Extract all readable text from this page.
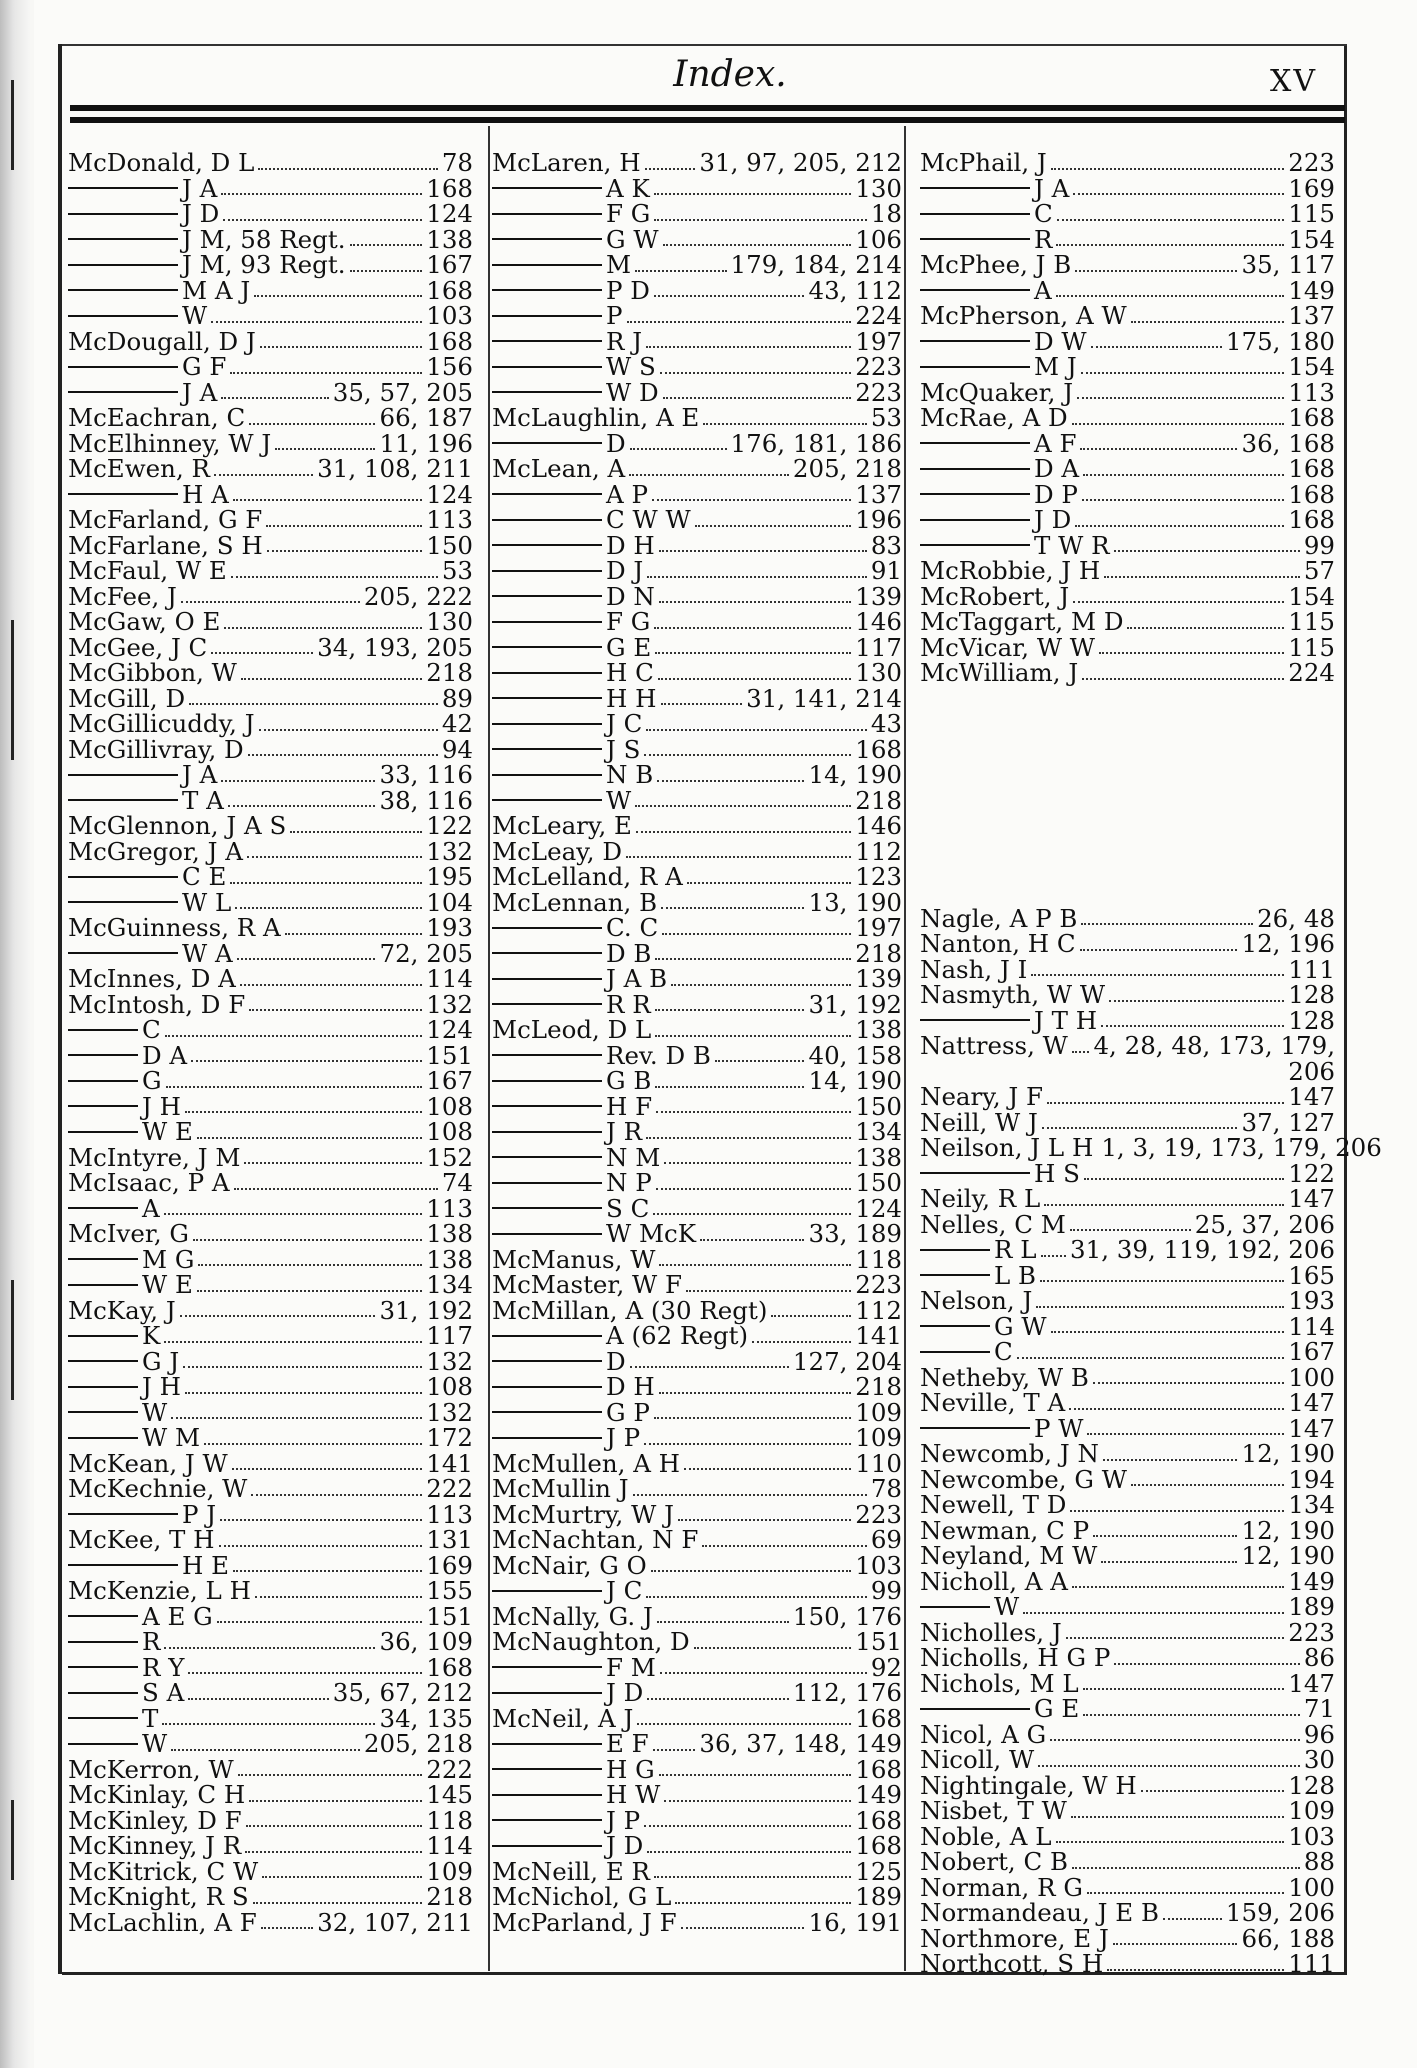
Index.	XV
McDonald, D L	78
J A	168
J D	124
J M, 58 Regt.	138
J M, 93 Regt.	167
M A J	168
W	103
McDougall, D J	168
G F	156
J A	35, 57, 205
McEachran, C	66, 187
McElhinney, W J	11, 196
McEwen, R	31, 108, 211
H A	124
McFarland, G F	113
McFarlane, S H	150
McFaul, W E	53
McFee, J	205, 222
McGaw, O E	130
McGee, J C	34, 193, 205
McGibbon, W	218
McGill, D	89
McGillicuddy, J	42
McGillivray, D	94
J A	33, 116
T A	38, 116
McGlennon, J A S	122
McGregor, J A	132
C E	195
W L	104
McGuinness, R A	193
W A	72, 205
McInnes, D A	114
McIntosh, D F	132
C	124
D A	151
G	167
J H	108
W E	108
McIntyre, J M	152
McIsaac, P A	74
A	113
McIver, G	138
M G	138
W E	134
McKay, J	31, 192
K	117
G J	132
J H	108
W	132
W M	172
McKean, J W	141
McKechnie, W	222
P J	113
McKee, T H	131
H E	169
McKenzie, L H	155
A E G	151
R	36, 109
R Y	168
S A	35, 67, 212
T	34, 135
W	205, 218
McKerron, W	222
McKinlay, C H	145
McKinley, D F	118
McKinney, J R	114
McKitrick, C W	109
McKnight, R S	218
McLachlin, A F 32, 107, 211
McLaren, H 31, 97, 205, 212
A K	130
F G	18
G W	106
M	179, 184, 214
P D	43, 112
P	224
R J	197
W S	223
W D	223
McLaughlin, A E	53
D	176, 181, 186
McLean, A	205, 218
A P	137
C W W	196
D H	83
D J	91
D N	139
F G	146
G E	117
H C	130
H H	31, 141, 214
J C	43
J S	168
N B	14, 190
W	218
McLeary, E	146
McLeay, D	112
McLelland, R A	123
McLennan, B	13, 190
C. C	197
D B	218
J A B	139
R R	31, 192
McLeod, D L	138
Rev. D B	40, 158
G B	14, 190
H F	150
J R	134
N M	138
N P	150
S C	124
W McK	33, 189
McManus, W	118
McMaster, W F	223
McMillan, A (30 Regt)	112
A (62 Regt)	141
D	127, 204
D H	218
G P	109
J P	109
McMullen, A H	110
McMullin J	78
McMurtry, W J	223
McNachtan, N F	69
McNair, G O	103
J C	99
McNally, G. J	150, 176
McNaughton, D	151
F M	92
J D	112, 176
McNeil, A J	168
E F 36, 37, 148, 149
H G	168
H W	149
J P	168
J D	168
McNeill, E R	125
McNichol, G L	189
McParland, J F	16, 191
McPhail, J	223
J A	169
C	115
R	154
McPhee, J B	35, 117
A	149
McPherson, A W	137
D W	175, 180
M J	154
McQuaker, J	113
McRae, A D	168
A F	36, 168
D A	168
D P	168
J D	168
T W R	99
McRobbie, J H	57
McRobert, J	154
McTaggart, M D	115
McVicar, W W	115
McWilliam, J	224
Nagle, A P B	26, 48
Nanton, H C	12, 196
Nash, J I	111
Nasmyth, W W	128
J T H	128
Nattress, W 4, 28, 48, 173, 179,
206
Neary, J F	147
Neill, W J	37, 127
Neilson, J L H 1, 3, 19, 173, 179, 206
H S	122
Neily, R L	147
Nelles, C M	25, 37, 206
R L 31, 39, 119, 192, 206
L B	165
Nelson, J	193
G W	114
C	167
Netheby, W B	100
Neville, T A	147
P W	147
Newcomb, J N	12, 190
Newcombe, G W	194
Newell, T D	134
Newman, C P	12, 190
Neyland, M W	12, 190
Nicholl, A A	149
W	189
Nicholles, J	223
Nicholls, H G P	86
Nichols, M L	147
G E	71
Nicol, A G	96
Nicoll, W	30
Nightingale, W H	128
Nisbet, T W	109
Noble, A L	103
Nobert, C B	88
Norman, R G	100
Normandeau, J E B	159, 206
Northmore, E J	66, 188
Northcott, S H	111
